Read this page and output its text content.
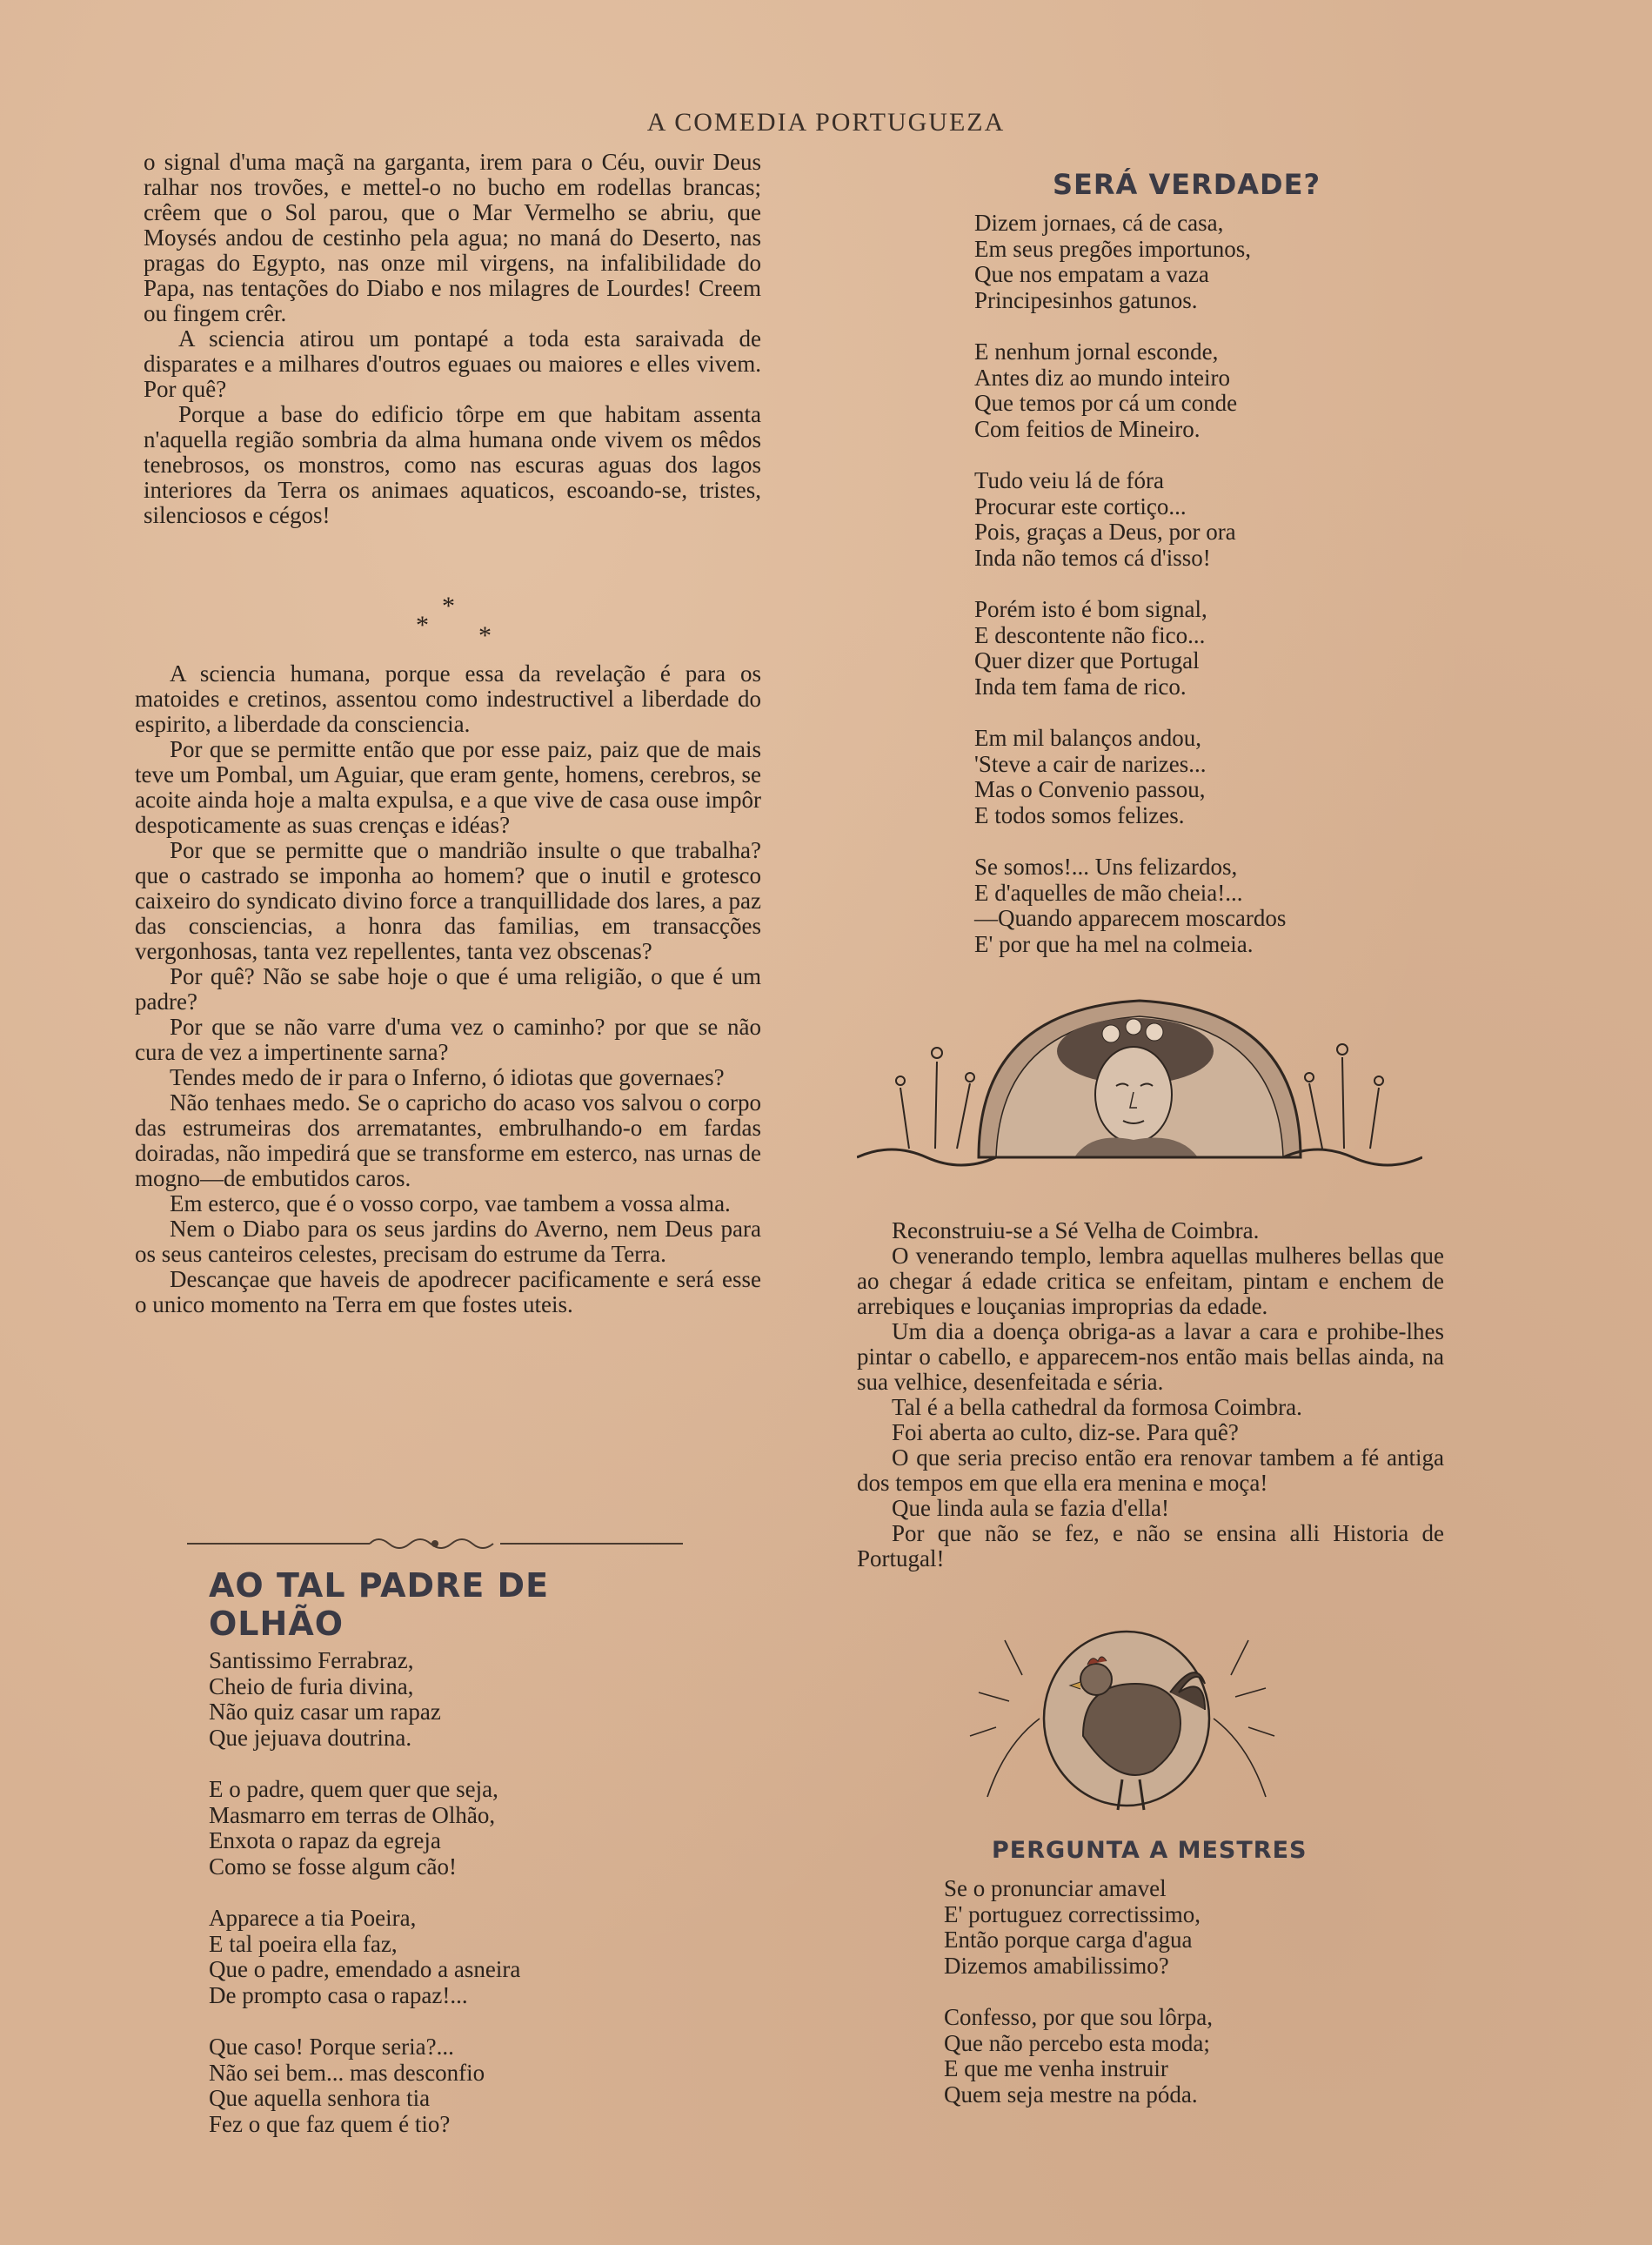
A COMEDIA PORTUGUEZA

o signal d'uma maçã na garganta, irem para o Céu, ouvir Deus ralhar nos trovões, e mettel-o no bucho em rodellas brancas; crêem que o Sol parou, que o Mar Vermelho se abriu, que Moysés andou de cestinho pela agua; no maná do Deserto, nas pragas do Egypto, nas onze mil virgens, na infalibilidade do Papa, nas tentações do Diabo e nos milagres de Lourdes! Creem ou fingem crêr.

A sciencia atirou um pontapé a toda esta saraivada de disparates e a milhares d'outros eguaes ou maiores e elles vivem. Por quê?

Porque a base do edificio tôrpe em que habitam assenta n'aquella região sombria da alma humana onde vivem os mêdos tenebrosos, os monstros, como nas escuras aguas dos lagos interiores da Terra os animaes aquaticos, escoando-se, tristes, silenciosos e cégos!

*
* *

A sciencia humana, porque essa da revelação é para os matoides e cretinos, assentou como indestructivel a liberdade do espirito, a liberdade da consciencia.

Por que se permitte então que por esse paiz, paiz que de mais teve um Pombal, um Aguiar, que eram gente, homens, cerebros, se acoite ainda hoje a malta expulsa, e a que vive de casa ouse impôr despoticamente as suas crenças e idéas?

Por que se permitte que o mandrião insulte o que trabalha? que o castrado se imponha ao homem? que o inutil e grotesco caixeiro do syndicato divino force a tranquillidade dos lares, a paz das consciencias, a honra das familias, em transacções vergonhosas, tanta vez repellentes, tanta vez obscenas?

Por quê? Não se sabe hoje o que é uma religião, o que é um padre?

Por que se não varre d'uma vez o caminho? por que se não cura de vez a impertinente sarna?

Tendes medo de ir para o Inferno, ó idiotas que governaes?

Não tenhaes medo. Se o capricho do acaso vos salvou o corpo das estrumeiras dos arrematantes, embrulhando-o em fardas doiradas, não impedirá que se transforme em esterco, nas urnas de mogno—de embutidos caros.

Em esterco, que é o vosso corpo, vae tambem a vossa alma.

Nem o Diabo para os seus jardins do Averno, nem Deus para os seus canteiros celestes, precisam do estrume da Terra.

Descançae que haveis de apodrecer pacificamente e será esse o unico momento na Terra em que fostes uteis.

AO TAL PADRE DE OLHÃO
Santissimo Ferrabraz,
Cheio de furia divina,
Não quiz casar um rapaz
Que jejuava doutrina.
E o padre, quem quer que seja,
Masmarro em terras de Olhão,
Enxota o rapaz da egreja
Como se fosse algum cão!
Apparece a tia Poeira,
E tal poeira ella faz,
Que o padre, emendado a asneira
De prompto casa o rapaz!...
Que caso! Porque seria?...
Não sei bem... mas desconfio
Que aquella senhora tia
Fez o que faz quem é tio?
SERÁ VERDADE?
Dizem jornaes, cá de casa,
Em seus pregões importunos,
Que nos empatam a vaza
Principesinhos gatunos.
E nenhum jornal esconde,
Antes diz ao mundo inteiro
Que temos por cá um conde
Com feitios de Mineiro.
Tudo veiu lá de fóra
Procurar este cortiço...
Pois, graças a Deus, por ora
Inda não temos cá d'isso!
Porém isto é bom signal,
E descontente não fico...
Quer dizer que Portugal
Inda tem fama de rico.
Em mil balanços andou,
'Steve a cair de narizes...
Mas o Convenio passou,
E todos somos felizes.
Se somos!... Uns felizardos,
E d'aquelles de mão cheia!...
—Quando apparecem moscardos
E' por que ha mel na colmeia.

Reconstruiu-se a Sé Velha de Coimbra.

O venerando templo, lembra aquellas mulheres bellas que ao chegar á edade critica se enfeitam, pintam e enchem de arrebiques e louçanias improprias da edade.

Um dia a doença obriga-as a lavar a cara e prohibe-lhes pintar o cabello, e apparecem-nos então mais bellas ainda, na sua velhice, desenfeitada e séria.

Tal é a bella cathedral da formosa Coimbra.

Foi aberta ao culto, diz-se. Para quê?

O que seria preciso então era renovar tambem a fé antiga dos tempos em que ella era menina e moça!

Que linda aula se fazia d'ella!

Por que não se fez, e não se ensina alli Historia de Portugal!

PERGUNTA A MESTRES
Se o pronunciar amavel
E' portuguez correctissimo,
Então porque carga d'agua
Dizemos amabilissimo?
Confesso, por que sou lôrpa,
Que não percebo esta moda;
E que me venha instruir
Quem seja mestre na póda.
